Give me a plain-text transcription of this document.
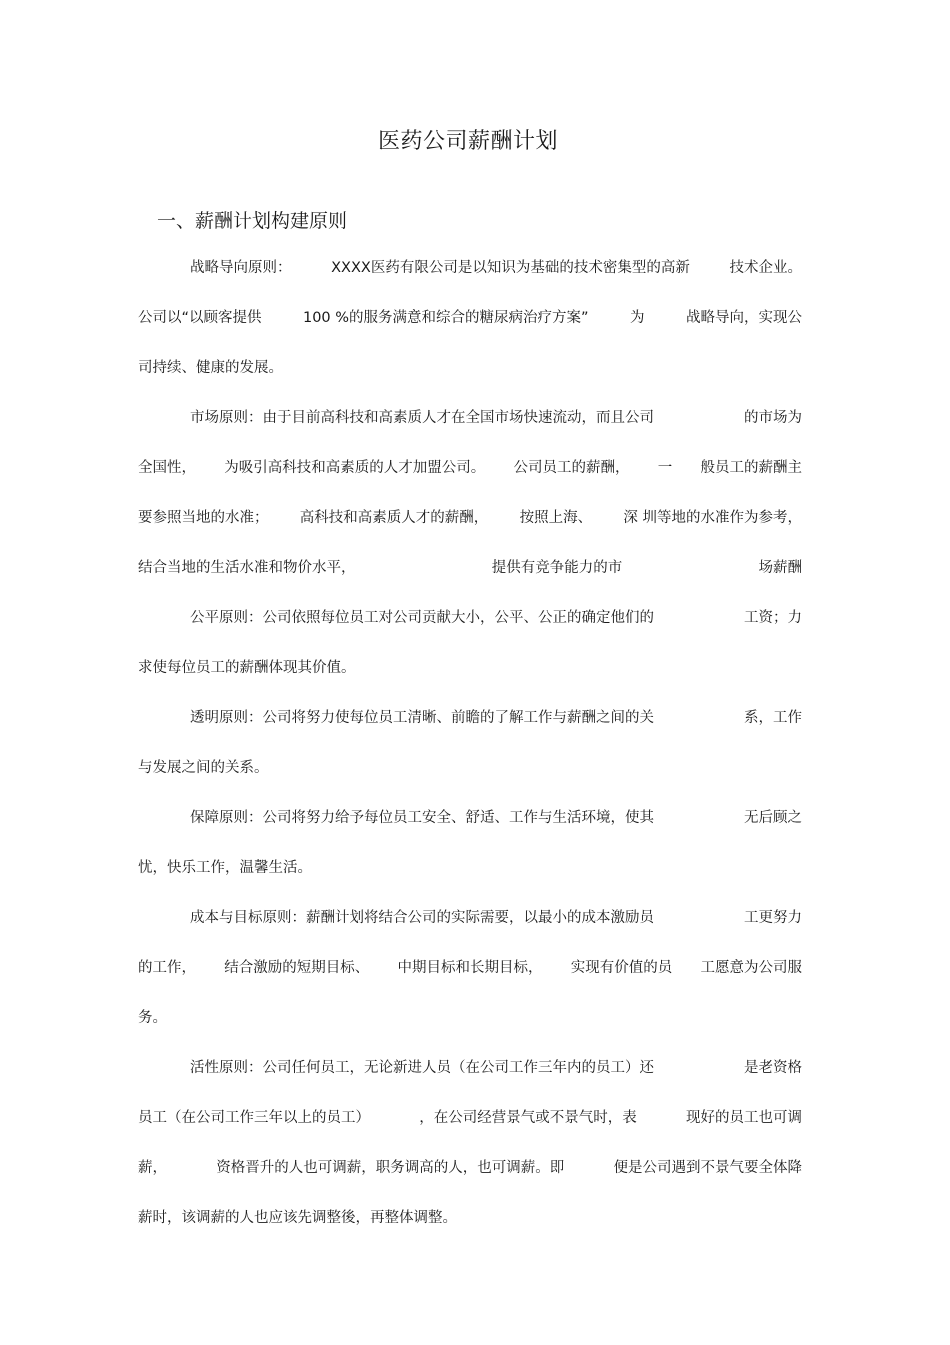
医药公司薪酬计划
一、薪酬计划构建原则
战略导向原则：	XXXX医药有限公司是以知识为基础的技术密集型的高新	技术企业。
公司以“以顾客提供	100 %的服务满意和综合的糖尿病治疗方案”	为	战略导向，实现公
司持续、健康的发展。
市场原则：由于目前高科技和高素质人才在全国市场快速流动，而且公司	的市场为
全国性， 为吸引高科技和高素质的人才加盟公司。 公司员工的薪酬， 一 般员工的薪酬主
要参照当地的水准； 高科技和高素质人才的薪酬， 按照上海、 深 圳等地的水准作为参考，
结合当地的生活水准和物价水平，	提供有竞争能力的市	场薪酬
公平原则：公司依照每位员工对公司贡献大小，公平、公正的确定他们的	工资；力
求使每位员工的薪酬体现其价值。
透明原则：公司将努力使每位员工清晰、前瞻的了解工作与薪酬之间的关	系，工作
与发展之间的关系。
保障原则：公司将努力给予每位员工安全、舒适、工作与生活环境，使其	无后顾之
忧，快乐工作，温馨生活。
成本与目标原则：薪酬计划将结合公司的实际需要，以最小的成本激励员	工更努力
的工作， 结合激励的短期目标、 中期目标和长期目标， 实现有价值的员 工愿意为公司服
务。
活性原则：公司任何员工，无论新进人员（在公司工作三年内的员工）还	是老资格
员工（在公司工作三年以上的员工）	，在公司经营景气或不景气时，表	现好的员工也可调
薪，	资格晋升的人也可调薪，职务调高的人，也可调薪。即	便是公司遇到不景气要全体降
薪时，该调薪的人也应该先调整後，再整体调整。
